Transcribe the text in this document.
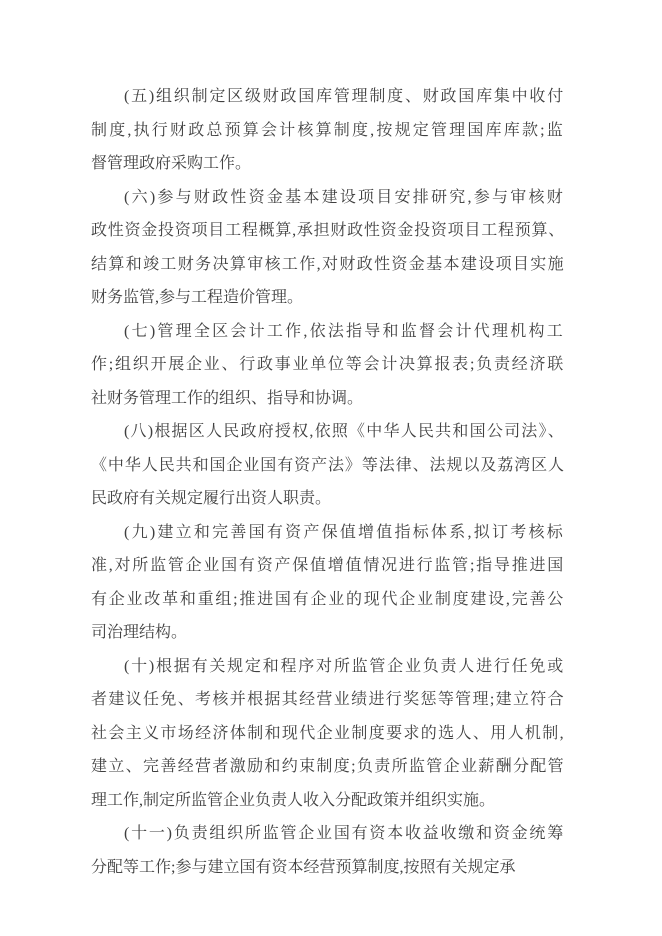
(五)组织制定区级财政国库管理制度、财政国库集中收付
制度,执行财政总预算会计核算制度,按规定管理国库库款;监
督管理政府采购工作。
(六)参与财政性资金基本建设项目安排研究,参与审核财
政性资金投资项目工程概算,承担财政性资金投资项目工程预算、
结算和竣工财务决算审核工作,对财政性资金基本建设项目实施
财务监管,参与工程造价管理。
(七)管理全区会计工作,依法指导和监督会计代理机构工
作;组织开展企业、行政事业单位等会计决算报表;负责经济联
社财务管理工作的组织、指导和协调。
(八)根据区人民政府授权,依照《中华人民共和国公司法》、
《中华人民共和国企业国有资产法》等法律、法规以及荔湾区人
民政府有关规定履行出资人职责。
(九)建立和完善国有资产保值增值指标体系,拟订考核标
准,对所监管企业国有资产保值增值情况进行监管;指导推进国
有企业改革和重组;推进国有企业的现代企业制度建设,完善公
司治理结构。
(十)根据有关规定和程序对所监管企业负责人进行任免或
者建议任免、考核并根据其经营业绩进行奖惩等管理;建立符合
社会主义市场经济体制和现代企业制度要求的选人、用人机制,
建立、完善经营者激励和约束制度;负责所监管企业薪酬分配管
理工作,制定所监管企业负责人收入分配政策并组织实施。
(十一)负责组织所监管企业国有资本收益收缴和资金统筹
分配等工作;参与建立国有资本经营预算制度,按照有关规定承
